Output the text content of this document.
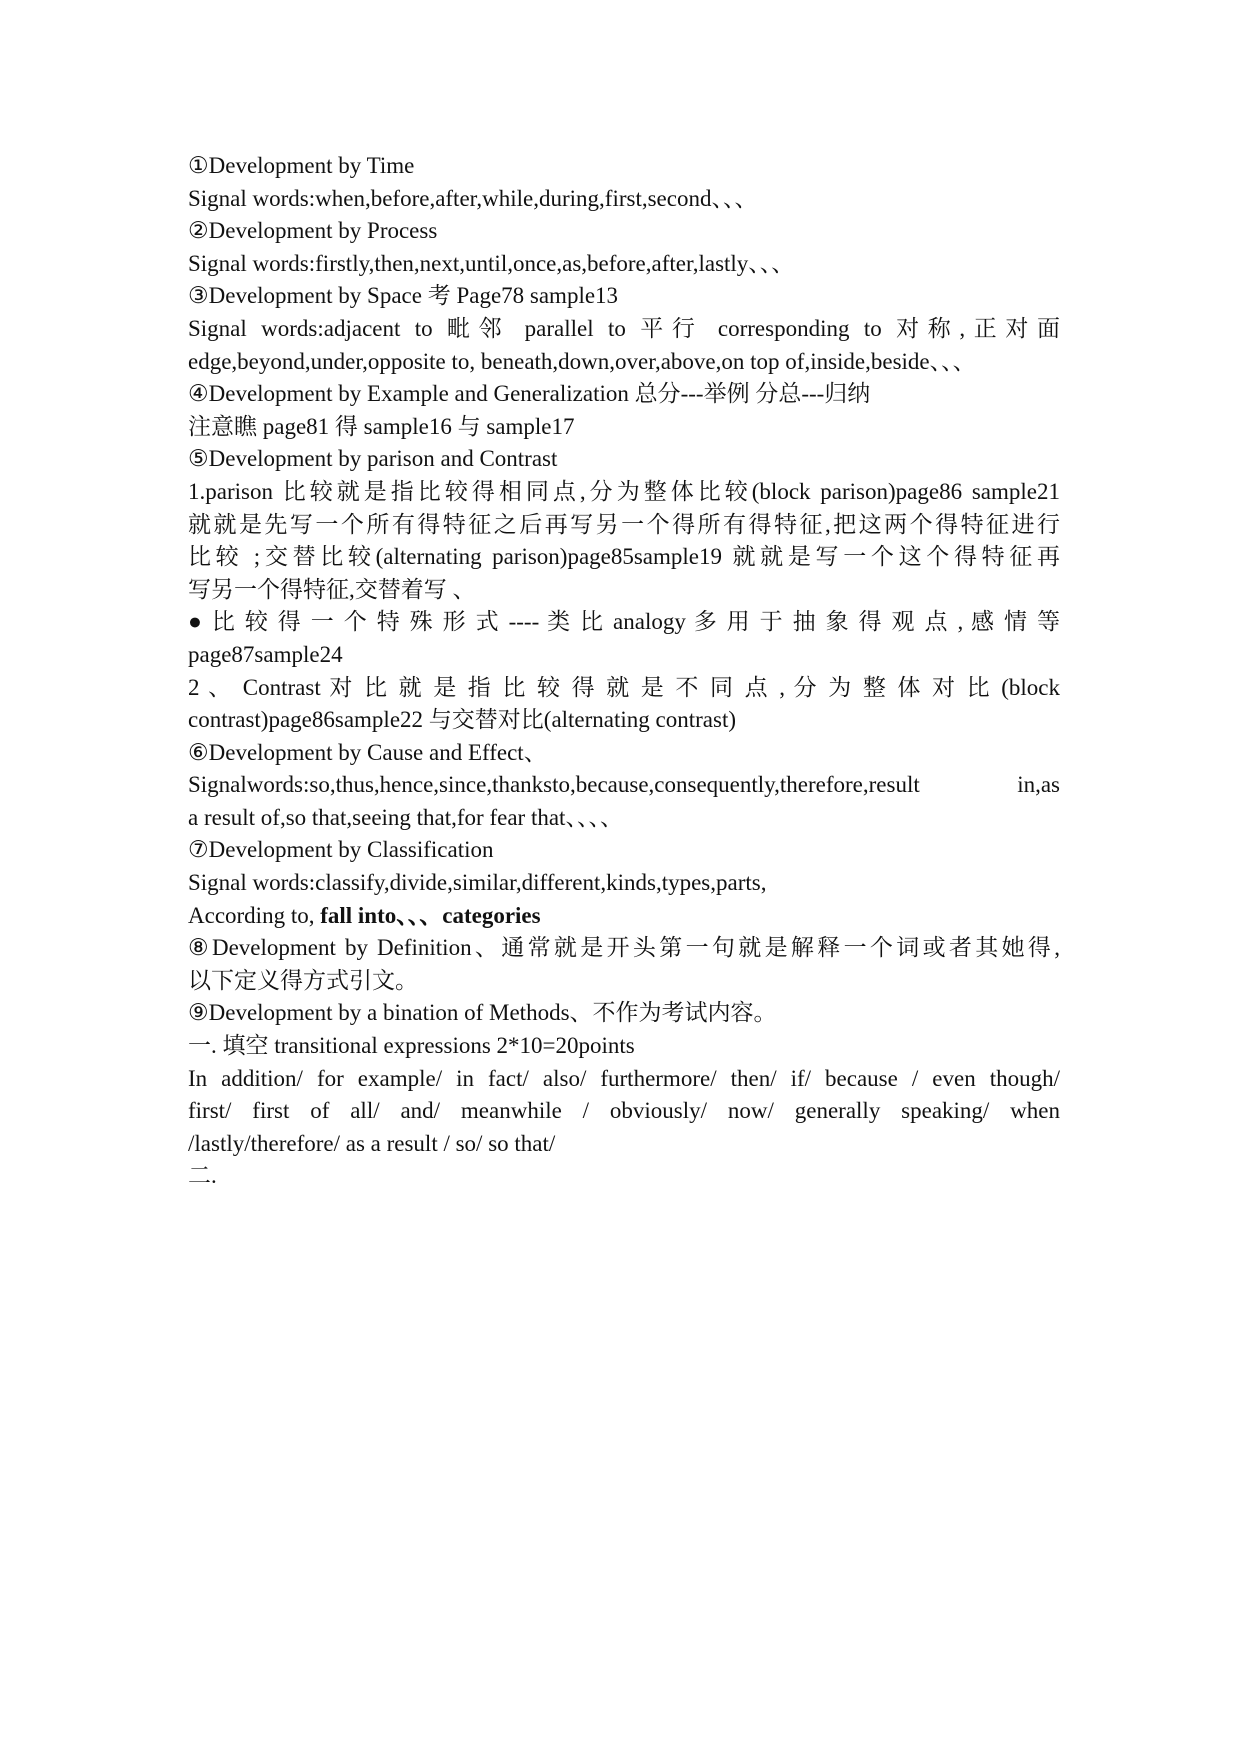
①Development by Time
Signal words:when,before,after,while,during,first,second、、、
②Development by Process
Signal words:firstly,then,next,until,once,as,before,after,lastly、、、
③Development by Space 考 Page78 sample13
Signal words:adjacent to 毗邻 parallel to 平行 corresponding to 对称,正对面
edge,beyond,under,opposite to, beneath,down,over,above,on top of,inside,beside、、、
④Development by Example and Generalization 总分---举例 分总---归纳
注意瞧 page81 得 sample16 与 sample17
⑤Development by parison and Contrast
1.parison 比较就是指比较得相同点,分为整体比较(block parison)page86 sample21
就就是先写一个所有得特征之后再写另一个得所有得特征,把这两个得特征进行
比较 ;交替比较(alternating parison)page85sample19 就就是写一个这个得特征再
写另一个得特征,交替着写 、
● 比 较 得 一 个 特 殊 形 式 ---- 类 比 analogy 多 用 于 抽 象 得 观 点 , 感 情 等
page87sample24
2 、 Contrast 对 比 就 是 指 比 较 得 就 是 不 同 点 , 分 为 整 体 对 比 (block
contrast)page86sample22 与交替对比(alternating contrast)
⑥Development by Cause and Effect、
Signalwords:so,thus,hence,since,thanksto,because,consequently,therefore,result in,as
a result of,so that,seeing that,for fear that、、、、
⑦Development by Classification
Signal words:classify,divide,similar,different,kinds,types,parts,
According to, fall into、、、categories
⑧Development by Definition、通常就是开头第一句就是解释一个词或者其她得,
以下定义得方式引文。
⑨Development by a bination of Methods、不作为考试内容。
一. 填空 transitional expressions 2*10=20points
In addition/ for example/ in fact/ also/ furthermore/ then/ if/ because / even though/
first/ first of all/ and/ meanwhile / obviously/ now/ generally speaking/ when
/lastly/therefore/ as a result / so/ so that/
二.
